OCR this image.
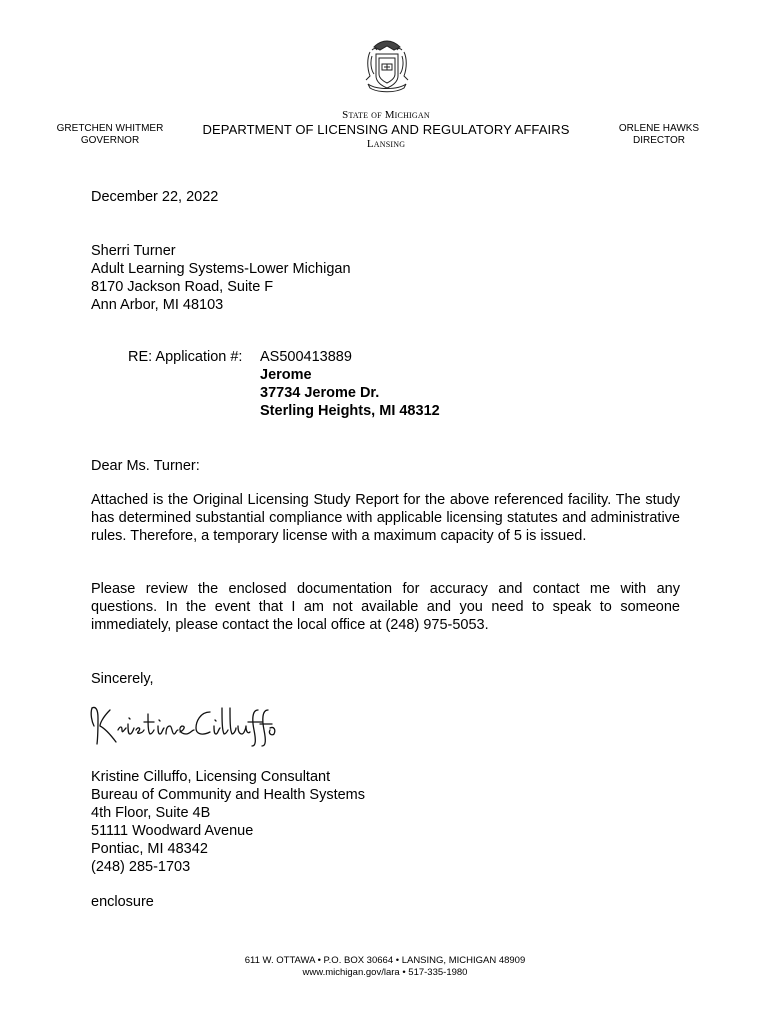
GRETCHEN WHITMER
GOVERNOR
State of Michigan
DEPARTMENT OF LICENSING AND REGULATORY AFFAIRS
Lansing
ORLENE HAWKS
DIRECTOR
December 22, 2022
Sherri Turner
Adult Learning Systems-Lower Michigan
8170 Jackson Road, Suite F
Ann Arbor, MI 48103
RE: Application #: AS500413889
Jerome
37734 Jerome Dr.
Sterling Heights, MI 48312
Dear Ms. Turner:
Attached is the Original Licensing Study Report for the above referenced facility. The study has determined substantial compliance with applicable licensing statutes and administrative rules. Therefore, a temporary license with a maximum capacity of 5 is issued.
Please review the enclosed documentation for accuracy and contact me with any questions. In the event that I am not available and you need to speak to someone immediately, please contact the local office at (248) 975-5053.
Sincerely,
Kristine Cilluffo, Licensing Consultant
Bureau of Community and Health Systems
4th Floor, Suite 4B
51111 Woodward Avenue
Pontiac, MI 48342
(248) 285-1703
enclosure
611 W. OTTAWA • P.O. BOX 30664 • LANSING, MICHIGAN 48909
www.michigan.gov/lara • 517-335-1980
